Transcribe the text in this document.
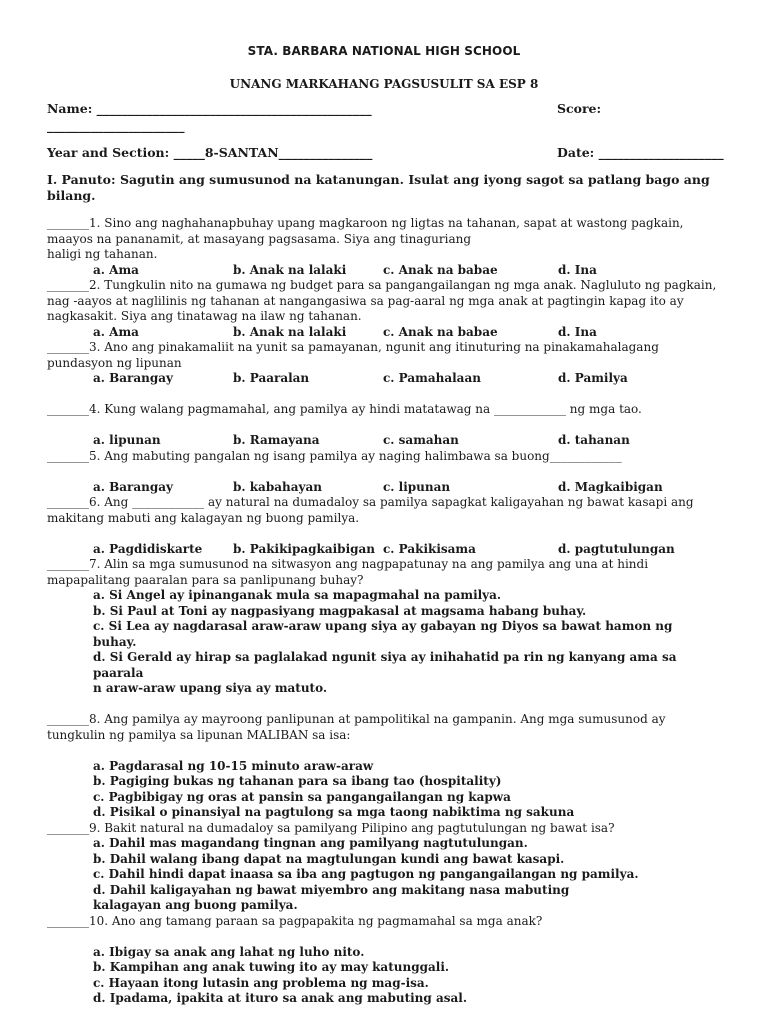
STA. BARBARA NATIONAL HIGH SCHOOL
UNANG MARKAHANG PAGSUSULIT SA ESP 8
Name: ____________________________________________	Score:
______________________
Year and Section: _____8-SANTAN_______________	Date: ____________________
I. Panuto: Sagutin ang sumusunod na katanungan. Isulat ang iyong sagot sa patlang bago ang bilang.
_______1. Sino ang naghahanapbuhay upang magkaroon ng ligtas na tahanan, sapat at wastong pagkain, maayos na pananamit, at masayang pagsasama. Siya ang tinaguriang
haligi ng tahanan.
a. Ama	b. Anak na lalaki	c. Anak na babae	d. Ina
_______2. Tungkulin nito na gumawa ng budget para sa pangangailangan ng mga anak. Nagluluto ng pagkain, nag -aayos at naglilinis ng tahanan at nangangasiwa sa pag-aaral ng mga anak at pagtingin kapag ito ay nagkasakit. Siya ang tinatawag na ilaw ng tahanan.
a. Ama	b. Anak na lalaki	c. Anak na babae	d. Ina
_______3. Ano ang pinakamaliit na yunit sa pamayanan, ngunit ang itinuturing na pinakamahalagang pundasyon ng lipunan
a. Barangay	b. Paaralan	c. Pamahalaan	d. Pamilya
_______4. Kung walang pagmamahal, ang pamilya ay hindi matatawag na ____________ ng mga tao.
a. lipunan	b. Ramayana	c. samahan	d. tahanan
_______5. Ang mabuting pangalan ng isang pamilya ay naging halimbawa sa buong____________
a. Barangay	b. kabahayan	c. lipunan	d. Magkaibigan
_______6. Ang ____________ ay natural na dumadaloy sa pamilya sapagkat kaligayahan ng bawat kasapi ang makitang mabuti ang kalagayan ng buong pamilya.
a. Pagdidiskarte	b. Pakikipagkaibigan c. Pakikisama	d. pagtutulungan
_______7. Alin sa mga sumusunod na sitwasyon ang nagpapatunay na ang pamilya ang una at hindi mapapalitang paaralan para sa panlipunang buhay?
a. Si Angel ay ipinanganak mula sa mapagmahal na pamilya.
b. Si Paul at Toni ay nagpasiyang magpakasal at magsama habang buhay.
c. Si Lea ay nagdarasal araw-araw upang siya ay gabayan ng Diyos sa bawat hamon ng buhay.
d. Si Gerald ay hirap sa paglalakad ngunit siya ay inihahatid pa rin ng kanyang ama sa paarala
n araw-araw upang siya ay matuto.
_______8. Ang pamilya ay mayroong panlipunan at pampolitikal na gampanin. Ang mga sumusunod ay tungkulin ng pamilya sa lipunan MALIBAN sa isa:
a. Pagdarasal ng 10-15 minuto araw-araw
b. Pagiging bukas ng tahanan para sa ibang tao (hospitality)
c. Pagbibigay ng oras at pansin sa pangangailangan ng kapwa
d. Pisikal o pinansiyal na pagtulong sa mga taong nabiktima ng sakuna
_______9. Bakit natural na dumadaloy sa pamilyang Pilipino ang pagtutulungan ng bawat isa?
a. Dahil mas magandang tingnan ang pamilyang nagtutulungan.
b. Dahil walang ibang dapat na magtulungan kundi ang bawat kasapi.
c. Dahil hindi dapat inaasa sa iba ang pagtugon ng pangangailangan ng pamilya.
d. Dahil kaligayahan ng bawat miyembro ang makitang nasa mabuting
kalagayan ang buong pamilya.
_______10. Ano ang tamang paraan sa pagpapakita ng pagmamahal sa mga anak?
a. Ibigay sa anak ang lahat ng luho nito.
b. Kampihan ang anak tuwing ito ay may katunggali.
c. Hayaan itong lutasin ang problema ng mag-isa.
d. Ipadama, ipakita at ituro sa anak ang mabuting asal.
